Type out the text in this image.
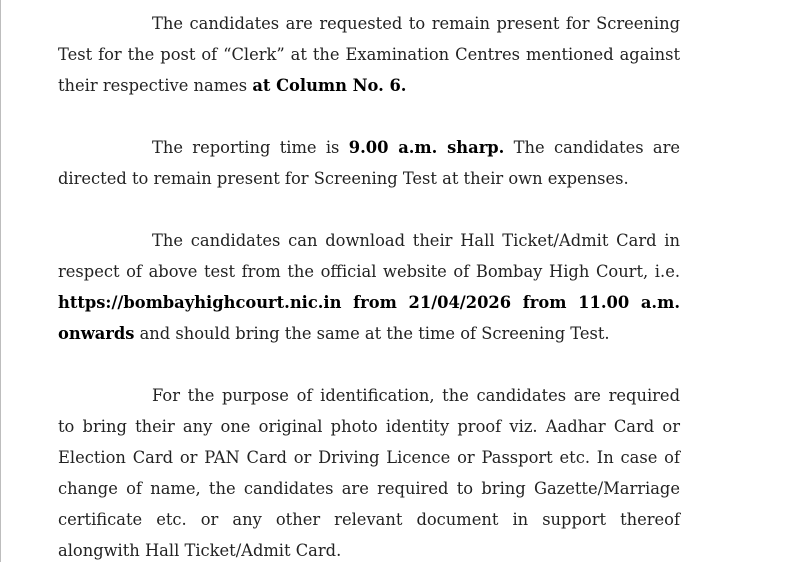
The candidates are requested to remain present for Screening Test for the post of “Clerk” at the Examination Centres mentioned against their respective names at Column No. 6.

The reporting time is 9.00 a.m. sharp. The candidates are directed to remain present for Screening Test at their own expenses.

The candidates can download their Hall Ticket/Admit Card in respect of above test from the official website of Bombay High Court, i.e. https://bombayhighcourt.nic.in from 21/04/2026 from 11.00 a.m. onwards and should bring the same at the time of Screening Test.

For the purpose of identification, the candidates are required to bring their any one original photo identity proof viz. Aadhar Card or Election Card or PAN Card or Driving Licence or Passport etc. In case of change of name, the candidates are required to bring Gazette/Marriage certificate etc. or any other relevant document in support thereof alongwith Hall Ticket/Admit Card.
